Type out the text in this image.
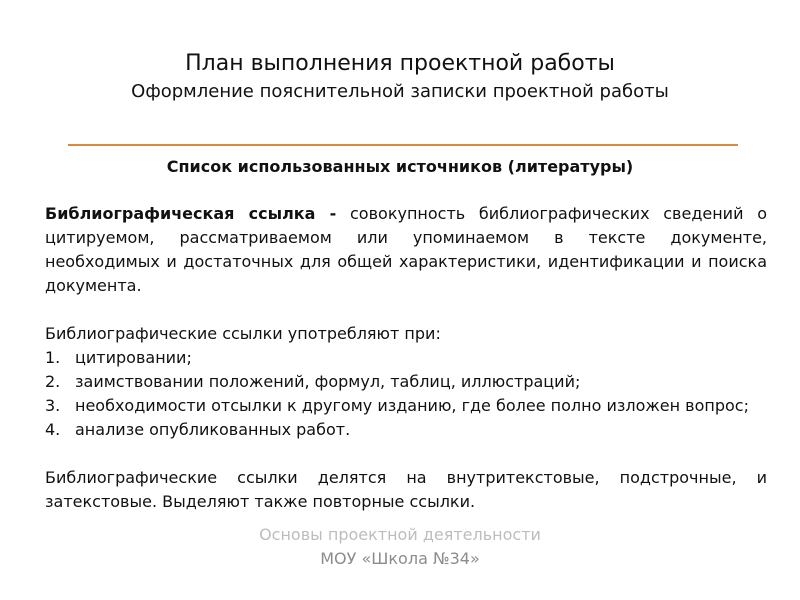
План выполнения проектной работы
Оформление пояснительной записки проектной работы
Список использованных источников (литературы)

Библиографическая ссылка - совокупность библиографических сведений о цитируемом, рассматриваемом или упоминаемом в тексте документе, необходимых и достаточных для общей характеристики, идентификации и поиска документа.

Библиографические ссылки употребляют при:
1. цитировании;
2. заимствовании положений, формул, таблиц, иллюстраций;
3. необходимости отсылки к другому изданию, где более полно изложен вопрос;
4. анализе опубликованных работ.

Библиографические ссылки делятся на внутритекстовые, подстрочные, и затекстовые. Выделяют также повторные ссылки.

Основы проектной деятельности
МОУ «Школа №34»
